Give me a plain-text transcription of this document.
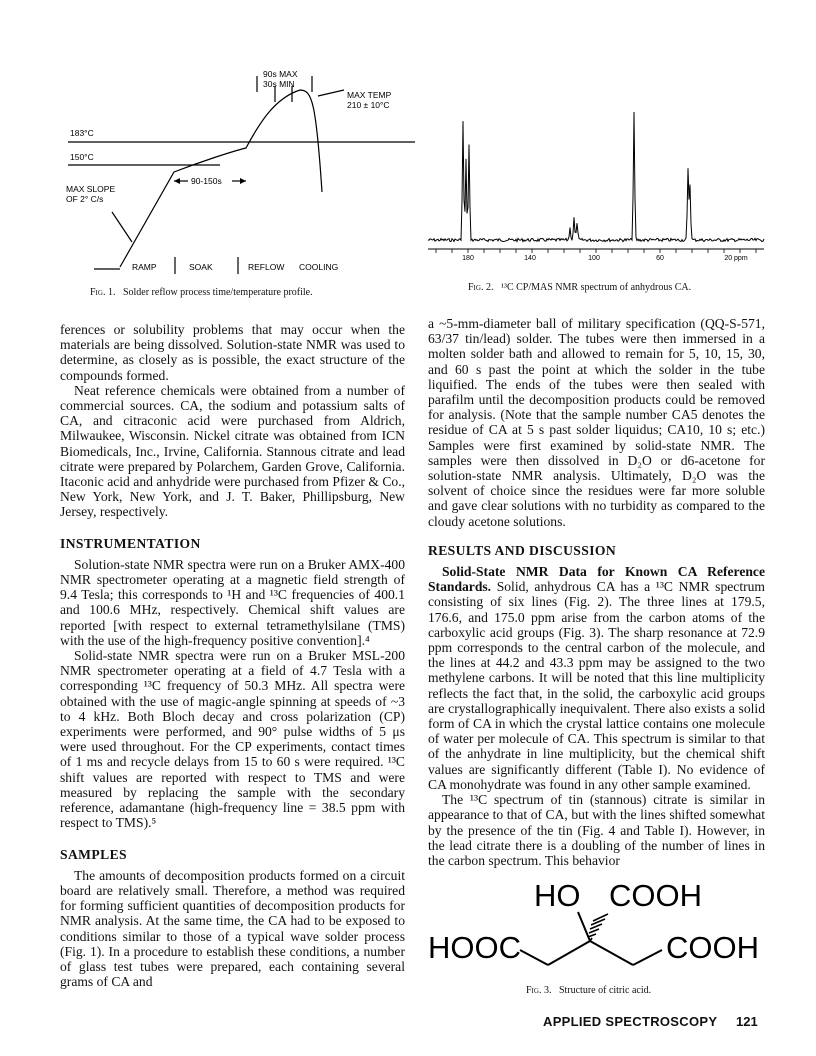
90s MAX
30s MIN
MAX TEMP
210 ± 10°C
183°C
150°C
90-150s
MAX SLOPE
OF 2° C/s
RAMP	SOAK	REFLOW COOLING
Fig. 1. Solder reflow process time/temperature profile.
180	140	100	60	20 ppm
Fig. 2. ¹³C CP/MAS NMR spectrum of anhydrous CA.

ferences or solubility problems that may occur when the materials are being dissolved. Solution-state NMR was used to determine, as closely as is possible, the exact structure of the compounds formed.

Neat reference chemicals were obtained from a number of commercial sources. CA, the sodium and potassium salts of CA, and citraconic acid were purchased from Aldrich, Milwaukee, Wisconsin. Nickel citrate was obtained from ICN Biomedicals, Inc., Irvine, California. Stannous citrate and lead citrate were prepared by Polarchem, Garden Grove, California. Itaconic acid and anhydride were purchased from Pfizer & Co., New York, New York, and J. T. Baker, Phillipsburg, New Jersey, respectively.

INSTRUMENTATION

Solution-state NMR spectra were run on a Bruker AMX-400 NMR spectrometer operating at a magnetic field strength of 9.4 Tesla; this corresponds to ¹H and ¹³C frequencies of 400.1 and 100.6 MHz, respectively. Chemical shift values are reported [with respect to external tetramethylsilane (TMS) with the use of the high-frequency positive convention].⁴

Solid-state NMR spectra were run on a Bruker MSL-200 NMR spectrometer operating at a field of 4.7 Tesla with a corresponding ¹³C frequency of 50.3 MHz. All spectra were obtained with the use of magic-angle spinning at speeds of ~3 to 4 kHz. Both Bloch decay and cross polarization (CP) experiments were performed, and 90° pulse widths of 5 μs were used throughout. For the CP experiments, contact times of 1 ms and recycle delays from 15 to 60 s were required. ¹³C shift values are reported with respect to TMS and were measured by replacing the sample with the secondary reference, adamantane (high-frequency line = 38.5 ppm with respect to TMS).⁵

SAMPLES

The amounts of decomposition products formed on a circuit board are relatively small. Therefore, a method was required for forming sufficient quantities of decomposition products for NMR analysis. At the same time, the CA had to be exposed to conditions similar to those of a typical wave solder process (Fig. 1). In a procedure to establish these conditions, a number of glass test tubes were prepared, each containing several grams of CA and

a ~5-mm-diameter ball of military specification (QQ-S-571, 63/37 tin/lead) solder. The tubes were then immersed in a molten solder bath and allowed to remain for 5, 10, 15, 30, and 60 s past the point at which the solder in the tube liquified. The ends of the tubes were then sealed with parafilm until the decomposition products could be removed for analysis. (Note that the sample number CA5 denotes the residue of CA at 5 s past solder liquidus; CA10, 10 s; etc.) Samples were first examined by solid-state NMR. The samples were then dissolved in D₂O or d6-acetone for solution-state NMR analysis. Ultimately, D₂O was the solvent of choice since the residues were far more soluble and gave clear solutions with no turbidity as compared to the cloudy acetone solutions.

RESULTS AND DISCUSSION

Solid-State NMR Data for Known CA Reference Standards. Solid, anhydrous CA has a ¹³C NMR spectrum consisting of six lines (Fig. 2). The three lines at 179.5, 176.6, and 175.0 ppm arise from the carbon atoms of the carboxylic acid groups (Fig. 3). The sharp resonance at 72.9 ppm corresponds to the central carbon of the molecule, and the lines at 44.2 and 43.3 ppm may be assigned to the two methylene carbons. It will be noted that this line multiplicity reflects the fact that, in the solid, the carboxylic acid groups are crystallographically inequivalent. There also exists a solid form of CA in which the crystal lattice contains one molecule of water per molecule of CA. This spectrum is similar to that of the anhydrate in line multiplicity, but the chemical shift values are significantly different (Table I). No evidence of CA monohydrate was found in any other sample examined.

The ¹³C spectrum of tin (stannous) citrate is similar in appearance to that of CA, but with the lines shifted somewhat by the presence of the tin (Fig. 4 and Table I). However, in the lead citrate there is a doubling of the number of lines in the carbon spectrum. This behavior

HO COOH
HOOC	COOH
Fig. 3. Structure of citric acid.
APPLIED SPECTROSCOPY 121
